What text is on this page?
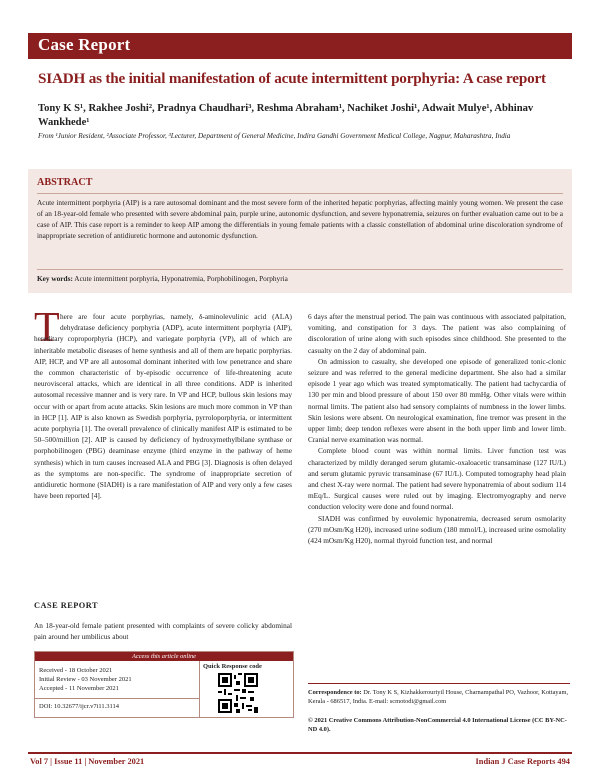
Case Report
SIADH as the initial manifestation of acute intermittent porphyria: A case report
Tony K S¹, Rakhee Joshi², Pradnya Chaudhari³, Reshma Abraham¹, Nachiket Joshi¹, Adwait Mulye¹, Abhinav Wankhede¹
From ¹Junior Resident, ²Associate Professor, ³Lecturer, Department of General Medicine, Indira Gandhi Government Medical College, Nagpur, Maharashtra, India
ABSTRACT
Acute intermittent porphyria (AIP) is a rare autosomal dominant and the most severe form of the inherited hepatic porphyrias, affecting mainly young women. We present the case of an 18-year-old female who presented with severe abdominal pain, purple urine, autonomic dysfunction, and severe hyponatremia, seizures on further evaluation came out to be a case of AIP. This case report is a reminder to keep AIP among the differentials in young female patients with a classic constellation of abdominal urine discoloration syndrome of inappropriate secretion of antidiuretic hormone and autonomic dysfunction.
Key words: Acute intermittent porphyria, Hyponatremia, Porphobilinogen, Porphyria
T here are four acute porphyrias, namely, δ-aminolevulinic acid (ALA) dehydratase deficiency porphyria (ADP), acute intermittent porphyria (AIP), hereditary coproporphyria (HCP), and variegate porphyria (VP), all of which are inheritable metabolic diseases of heme synthesis and all of them are hepatic porphyrias. AIP, HCP, and VP are all autosomal dominant inherited with low penetrance and share the common characteristic of by-episodic occurrence of life-threatening acute neurovisceral attacks, which are identical in all three conditions. ADP is inherited autosomal recessive manner and is very rare. In VP and HCP, bullous skin lesions may occur with or apart from acute attacks. Skin lesions are much more common in VP than in HCP [1]. AIP is also known as Swedish porphyria, pyrroloporphyria, or intermittent acute porphyria [1]. The overall prevalence of clinically manifest AIP is estimated to be 50–500/million [2]. AIP is caused by deficiency of hydroxymethylbilane synthase or porphobilinogen (PBG) deaminase enzyme (third enzyme in the pathway of heme synthesis) which in turn causes increased ALA and PBG [3]. Diagnosis is often delayed as the symptoms are non-specific. The syndrome of inappropriate secretion of antidiuretic hormone (SIADH) is a rare manifestation of AIP and very only a few cases have been reported [4].

CASE REPORT
An 18-year-old female patient presented with complaints of severe colicky abdominal pain around her umbilicus about
Access this article online
Received - 18 October 2021
Initial Review - 03 November 2021
Accepted - 11 November 2021
DOI: 10.32677/ijcr.v7i11.3114
Quick Response code

6 days after the menstrual period. The pain was continuous with associated palpitation, vomiting, and constipation for 3 days. The patient was also complaining of discoloration of urine along with such episodes since childhood. She presented to the casualty on the 2 day of abdominal pain.

On admission to casualty, she developed one episode of generalized tonic-clonic seizure and was referred to the general medicine department. She also had a similar episode 1 year ago which was treated symptomatically. The patient had tachycardia of 130 per min and blood pressure of about 150 over 80 mmHg. Other vitals were within normal limits. The patient also had sensory complaints of numbness in the lower limbs. Skin lesions were absent. On neurological examination, fine tremor was present in the upper limb; deep tendon reflexes were absent in the both upper limb and lower limb. Cranial nerve examination was normal.

Complete blood count was within normal limits. Liver function test was characterized by mildly deranged serum glutamic-oxaloacetic transaminase (127 IU/L) and serum glutamic pyruvic transaminase (67 IU/L). Computed tomography head plain and chest X-ray were normal. The patient had severe hyponatremia of about sodium 114 mEq/L. Surgical causes were ruled out by imaging. Electromyography and nerve conduction velocity were done and found normal.

SIADH was confirmed by euvolemic hyponatremia, decreased serum osmolarity (270 mOsm/Kg H20), increased urine sodium (180 mmol/L), increased urine osmolality (424 mOsm/Kg H20), normal thyroid function test, and normal

Correspondence to: Dr. Tony K S, Kizhakkerouriyil House, Charnampathal PO, Vazhoor, Kottayam, Kerala - 686517, India. E-mail: scmotodi@gmail.com
© 2021 Creative Commons Attribution-NonCommercial 4.0 International License (CC BY-NC-ND 4.0).
Vol 7 | Issue 11 | November 2021	Indian J Case Reports 494
